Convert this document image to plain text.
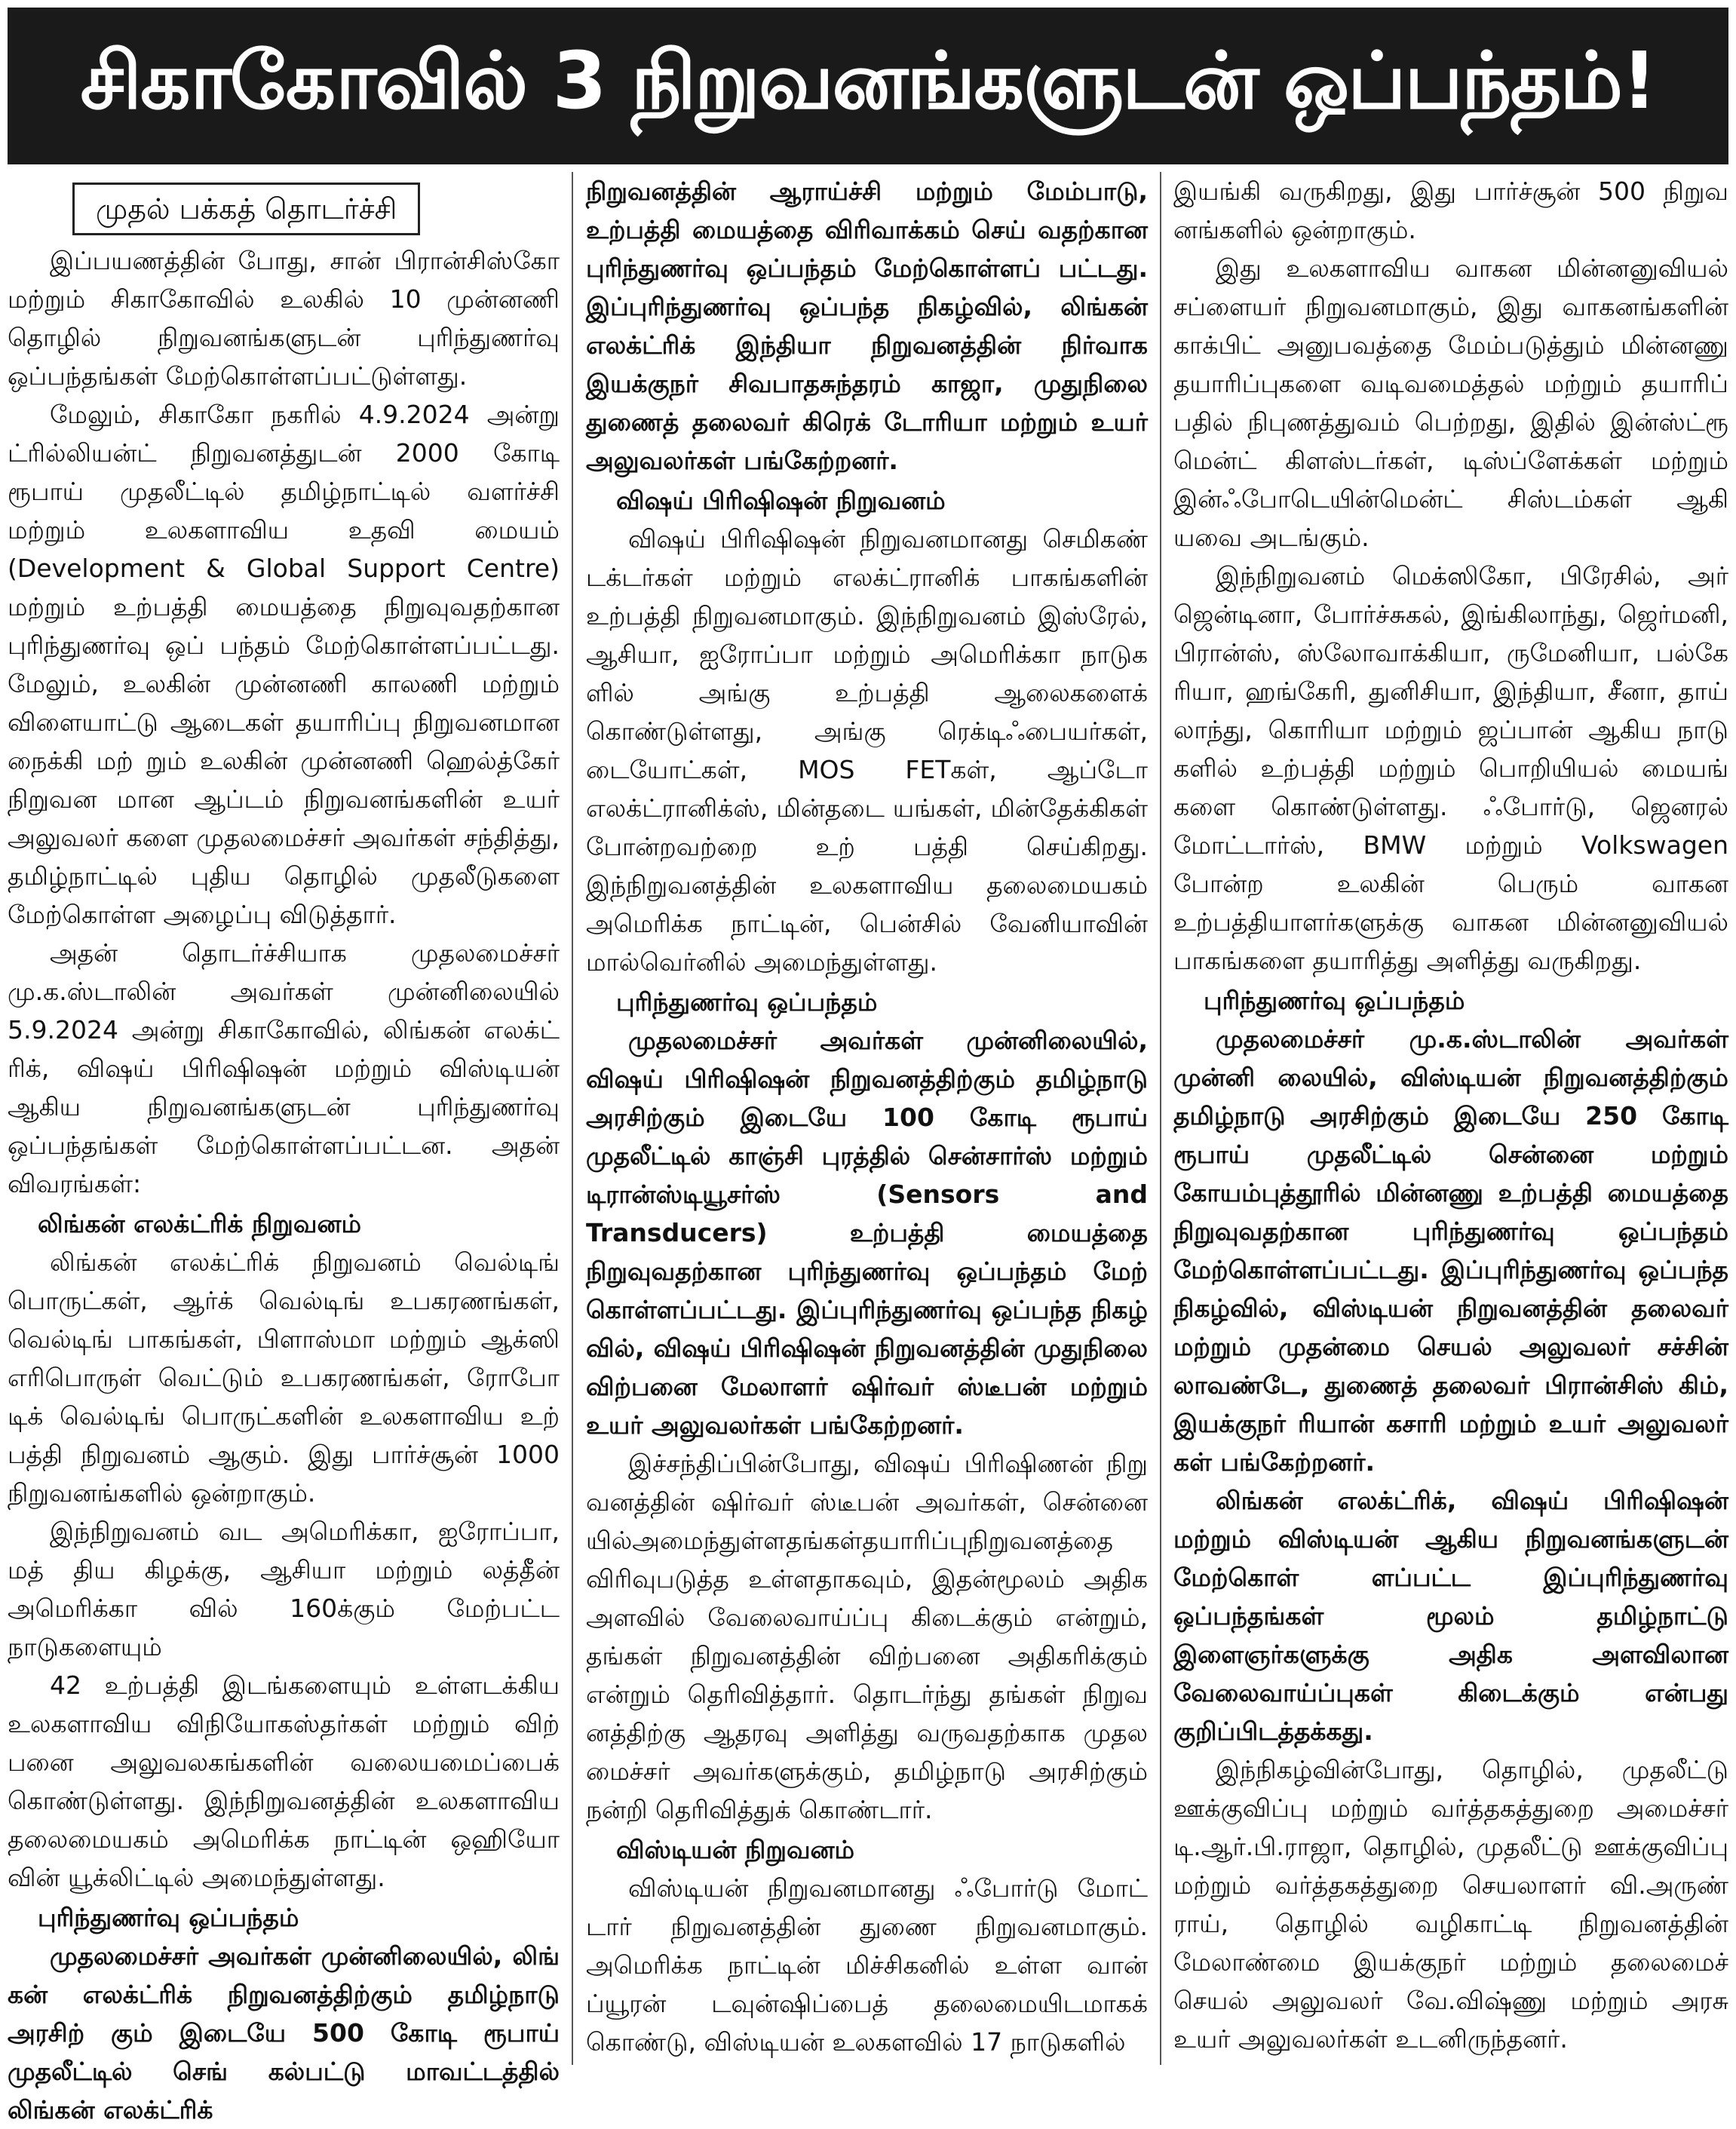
சிகாகோவில் 3 நிறுவனங்களுடன் ஒப்பந்தம்!
முதல் பக்கத் தொடர்ச்சி

இப்பயணத்தின் போது, சான் பிரான்சிஸ்கோ மற்றும் சிகாகோவில் உலகில் 10 முன்னணி தொழில் நிறுவனங்களுடன் புரிந்துணர்வு ஒப்பந்தங்கள் மேற்கொள்ளப்பட்டுள்ளது.

மேலும், சிகாகோ நகரில் 4.9.2024 அன்று ட்ரில்லியன்ட் நிறுவனத்துடன் 2000 கோடி ரூபாய் முதலீட்டில் தமிழ்நாட்டில் வளர்ச்சி மற்றும் உலகளாவிய உதவி மையம் (Development & Global Support Centre) மற்றும் உற்பத்தி மையத்தை நிறுவுவதற்கான புரிந்துணர்வு ஒப் பந்தம் மேற்கொள்ளப்பட்டது. மேலும், உலகின் முன்னணி காலணி மற்றும் விளையாட்டு ஆடைகள் தயாரிப்பு நிறுவனமான நைக்கி மற் றும் உலகின் முன்னணி ஹெல்த்கேர் நிறுவன மான ஆப்டம் நிறுவனங்களின் உயர் அலுவலர் களை முதலமைச்சர் அவர்கள் சந்தித்து, தமிழ்நாட்டில் புதிய தொழில் முதலீடுகளை மேற்கொள்ள அழைப்பு விடுத்தார்.

அதன் தொடர்ச்சியாக முதலமைச்சர் மு.க.ஸ்டாலின் அவர்கள் முன்னிலையில் 5.9.2024 அன்று சிகாகோவில், லிங்கன் எலக்ட் ரிக், விஷய் பிரிஷிஷன் மற்றும் விஸ்டியன் ஆகிய நிறுவனங்களுடன் புரிந்துணர்வு ஒப்பந்தங்கள் மேற்கொள்ளப்பட்டன. அதன் விவரங்கள்:

லிங்கன் எலக்ட்ரிக் நிறுவனம்

லிங்கன் எலக்ட்ரிக் நிறுவனம் வெல்டிங் பொருட்கள், ஆர்க் வெல்டிங் உபகரணங்கள், வெல்டிங் பாகங்கள், பிளாஸ்மா மற்றும் ஆக்ஸி எரிபொருள் வெட்டும் உபகரணங்கள், ரோபோ டிக் வெல்டிங் பொருட்களின் உலகளாவிய உற் பத்தி நிறுவனம் ஆகும். இது பார்ச்சூன் 1000 நிறுவனங்களில் ஒன்றாகும்.

இந்நிறுவனம் வட அமெரிக்கா, ஐரோப்பா, மத் திய கிழக்கு, ஆசியா மற்றும் லத்தீன் அமெரிக்கா வில் 160க்கும் மேற்பட்ட நாடுகளையும்

42 உற்பத்தி இடங்களையும் உள்ளடக்கிய உலகளாவிய விநியோகஸ்தர்கள் மற்றும் விற் பனை அலுவலகங்களின் வலையமைப்பைக் கொண்டுள்ளது. இந்நிறுவனத்தின் உலகளாவிய தலைமையகம் அமெரிக்க நாட்டின் ஒஹியோ வின் யூக்லிட்டில் அமைந்துள்ளது.

புரிந்துணர்வு ஒப்பந்தம்

முதலமைச்சர் அவர்கள் முன்னிலையில், லிங் கன் எலக்ட்ரிக் நிறுவனத்திற்கும் தமிழ்நாடு அரசிற் கும் இடையே 500 கோடி ரூபாய் முதலீட்டில் செங் கல்பட்டு மாவட்டத்தில் லிங்கன் எலக்ட்ரிக்

நிறுவனத்தின் ஆராய்ச்சி மற்றும் மேம்பாடு, உற்பத்தி மையத்தை விரிவாக்கம் செய் வதற்கான புரிந்துணர்வு ஒப்பந்தம் மேற்கொள்ளப் பட்டது. இப்புரிந்துணர்வு ஒப்பந்த நிகழ்வில், லிங்கன் எலக்ட்ரிக் இந்தியா நிறுவனத்தின் நிர்வாக இயக்குநர் சிவபாதசுந்தரம் காஜா, முதுநிலை துணைத் தலைவர் கிரெக் டோரியா மற்றும் உயர் அலுவலர்கள் பங்கேற்றனர்.

விஷய் பிரிஷிஷன் நிறுவனம்

விஷய் பிரிஷிஷன் நிறுவனமானது செமிகண் டக்டர்கள் மற்றும் எலக்ட்ரானிக் பாகங்களின் உற்பத்தி நிறுவனமாகும். இந்நிறுவனம் இஸ்ரேல், ஆசியா, ஐரோப்பா மற்றும் அமெரிக்கா நாடுக ளில் அங்கு உற்பத்தி ஆலைகளைக் கொண்டுள்ளது, அங்கு ரெக்டிஃபையர்கள், டையோட்கள், MOS FETகள், ஆப்டோ எலக்ட்ரானிக்ஸ், மின்தடை யங்கள், மின்தேக்கிகள் போன்றவற்றை உற் பத்தி செய்கிறது. இந்நிறுவனத்தின் உலகளாவிய தலைமையகம் அமெரிக்க நாட்டின், பென்சில் வேனியாவின் மால்வெர்னில் அமைந்துள்ளது.

புரிந்துணர்வு ஒப்பந்தம்

முதலமைச்சர் அவர்கள் முன்னிலையில், விஷய் பிரிஷிஷன் நிறுவனத்திற்கும் தமிழ்நாடு அரசிற்கும் இடையே 100 கோடி ரூபாய் முதலீட்டில் காஞ்சி புரத்தில் சென்சார்ஸ் மற்றும் டிரான்ஸ்டியூசர்ஸ் (Sensors and Transducers) உற்பத்தி மையத்தை நிறுவுவதற்கான புரிந்துணர்வு ஒப்பந்தம் மேற் கொள்ளப்பட்டது. இப்புரிந்துணர்வு ஒப்பந்த நிகழ் வில், விஷய் பிரிஷிஷன் நிறுவனத்தின் முதுநிலை விற்பனை மேலாளர் ஷிர்வர் ஸ்டீபன் மற்றும் உயர் அலுவலர்கள் பங்கேற்றனர்.

இச்சந்திப்பின்போது, விஷய் பிரிஷிணன் நிறு வனத்தின் ஷிர்வர் ஸ்டீபன் அவர்கள், சென்னை யில்அமைந்துள்ளதங்கள்தயாரிப்புநிறுவனத்தை விரிவுபடுத்த உள்ளதாகவும், இதன்மூலம் அதிக அளவில் வேலைவாய்ப்பு கிடைக்கும் என்றும், தங்கள் நிறுவனத்தின் விற்பனை அதிகரிக்கும் என்றும் தெரிவித்தார். தொடர்ந்து தங்கள் நிறுவ னத்திற்கு ஆதரவு அளித்து வருவதற்காக முதல மைச்சர் அவர்களுக்கும், தமிழ்நாடு அரசிற்கும் நன்றி தெரிவித்துக் கொண்டார்.

விஸ்டியன் நிறுவனம்

விஸ்டியன் நிறுவனமானது ஃபோர்டு மோட் டார் நிறுவனத்தின் துணை நிறுவனமாகும். அமெரிக்க நாட்டின் மிச்சிகனில் உள்ள வான் ப்யூரன் டவுன்ஷிப்பைத் தலைமையிடமாகக் கொண்டு, விஸ்டியன் உலகளவில் 17 நாடுகளில்

இயங்கி வருகிறது, இது பார்ச்சூன் 500 நிறுவ னங்களில் ஒன்றாகும்.

இது உலகளாவிய வாகன மின்னனுவியல் சப்ளையர் நிறுவனமாகும், இது வாகனங்களின் காக்பிட் அனுபவத்தை மேம்படுத்தும் மின்னணு தயாரிப்புகளை வடிவமைத்தல் மற்றும் தயாரிப் பதில் நிபுணத்துவம் பெற்றது, இதில் இன்ஸ்ட்ரூ மென்ட் கிளஸ்டர்கள், டிஸ்ப்ளேக்கள் மற்றும் இன்ஃபோடெயின்மென்ட் சிஸ்டம்கள் ஆகி யவை அடங்கும்.

இந்நிறுவனம் மெக்ஸிகோ, பிரேசில், அர் ஜென்டினா, போர்ச்சுகல், இங்கிலாந்து, ஜெர்மனி, பிரான்ஸ், ஸ்லோவாக்கியா, ருமேனியா, பல்கே ரியா, ஹங்கேரி, துனிசியா, இந்தியா, சீனா, தாய் லாந்து, கொரியா மற்றும் ஜப்பான் ஆகிய நாடு களில் உற்பத்தி மற்றும் பொறியியல் மையங் களை கொண்டுள்ளது. ஃபோர்டு, ஜெனரல் மோட்டார்ஸ், BMW மற்றும் Volkswagen போன்ற உலகின் பெரும் வாகன உற்பத்தியாளர்களுக்கு வாகன மின்னனுவியல் பாகங்களை தயாரித்து அளித்து வருகிறது.

புரிந்துணர்வு ஒப்பந்தம்

முதலமைச்சர் மு.க.ஸ்டாலின் அவர்கள் முன்னி லையில், விஸ்டியன் நிறுவனத்திற்கும் தமிழ்நாடு அரசிற்கும் இடையே 250 கோடி ரூபாய் முதலீட்டில் சென்னை மற்றும் கோயம்புத்தூரில் மின்னணு உற்பத்தி மையத்தை நிறுவுவதற்கான புரிந்துணர்வு ஒப்பந்தம் மேற்கொள்ளப்பட்டது. இப்புரிந்துணர்வு ஒப்பந்த நிகழ்வில், விஸ்டியன் நிறுவனத்தின் தலைவர் மற்றும் முதன்மை செயல் அலுவலர் சச்சின் லாவண்டே, துணைத் தலைவர் பிரான்சிஸ் கிம், இயக்குநர் ரியான் கசாரி மற்றும் உயர் அலுவலர் கள் பங்கேற்றனர்.

லிங்கன் எலக்ட்ரிக், விஷய் பிரிஷிஷன் மற்றும் விஸ்டியன் ஆகிய நிறுவனங்களுடன் மேற்கொள் ளப்பட்ட இப்புரிந்துணர்வு ஒப்பந்தங்கள் மூலம் தமிழ்நாட்டு இளைஞர்களுக்கு அதிக அளவிலான வேலைவாய்ப்புகள் கிடைக்கும் என்பது குறிப்பிடத்தக்கது.

இந்நிகழ்வின்போது, தொழில், முதலீட்டு ஊக்குவிப்பு மற்றும் வர்த்தகத்துறை அமைச்சர் டி.ஆர்.பி.ராஜா, தொழில், முதலீட்டு ஊக்குவிப்பு மற்றும் வர்த்தகத்துறை செயலாளர் வி.அருண் ராய், தொழில் வழிகாட்டி நிறுவனத்தின் மேலாண்மை இயக்குநர் மற்றும் தலைமைச் செயல் அலுவலர் வே.விஷ்ணு மற்றும் அரசு உயர் அலுவலர்கள் உடனிருந்தனர்.
